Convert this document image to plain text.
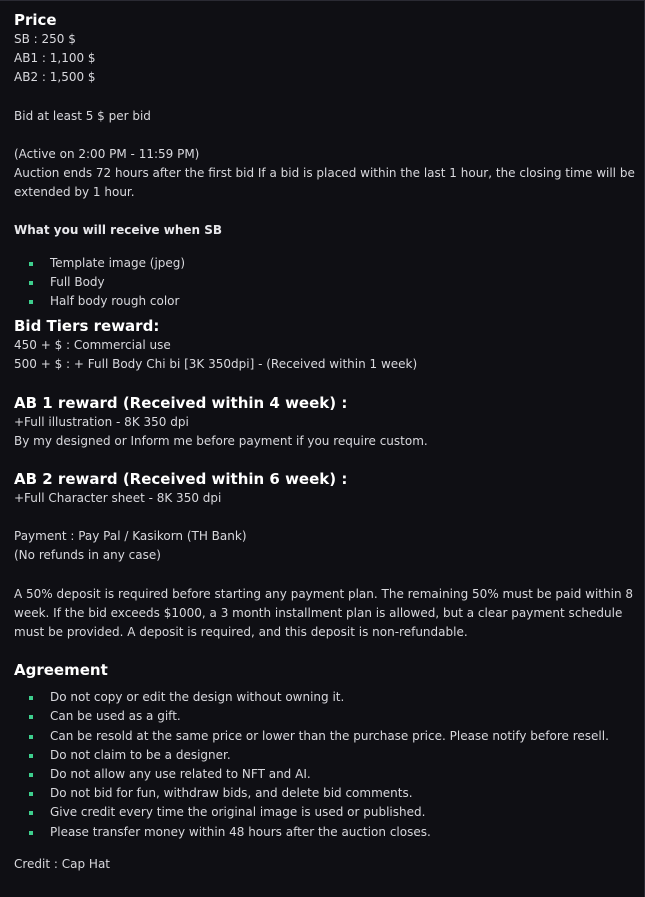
Price

SB : 250 $

AB1 : 1,100 $

AB2 : 1,500 $

Bid at least 5 $ per bid

(Active on 2:00 PM - 11:59 PM)

Auction ends 72 hours after the first bid If a bid is placed within the last 1 hour, the closing time will be extended by 1 hour.

What you will receive when SB

Template image (jpeg)
Full Body
Half body rough color
Bid Tiers reward:

450 + $ : Commercial use

500 + $ : + Full Body Chi bi [3K 350dpi] - (Received within 1 week)

AB 1 reward (Received within 4 week) :

+Full illustration - 8K 350 dpi

By my designed or Inform me before payment if you require custom.

AB 2 reward (Received within 6 week) :

+Full Character sheet - 8K 350 dpi

Payment : Pay Pal / Kasikorn (TH Bank)

(No refunds in any case)

A 50% deposit is required before starting any payment plan. The remaining 50% must be paid within 8 week. If the bid exceeds $1000, a 3 month installment plan is allowed, but a clear payment schedule must be provided. A deposit is required, and this deposit is non-refundable.

Agreement
Do not copy or edit the design without owning it.
Can be used as a gift.
Can be resold at the same price or lower than the purchase price. Please notify before resell.
Do not claim to be a designer.
Do not allow any use related to NFT and AI.
Do not bid for fun, withdraw bids, and delete bid comments.
Give credit every time the original image is used or published.
Please transfer money within 48 hours after the auction closes.

Credit : Cap Hat
